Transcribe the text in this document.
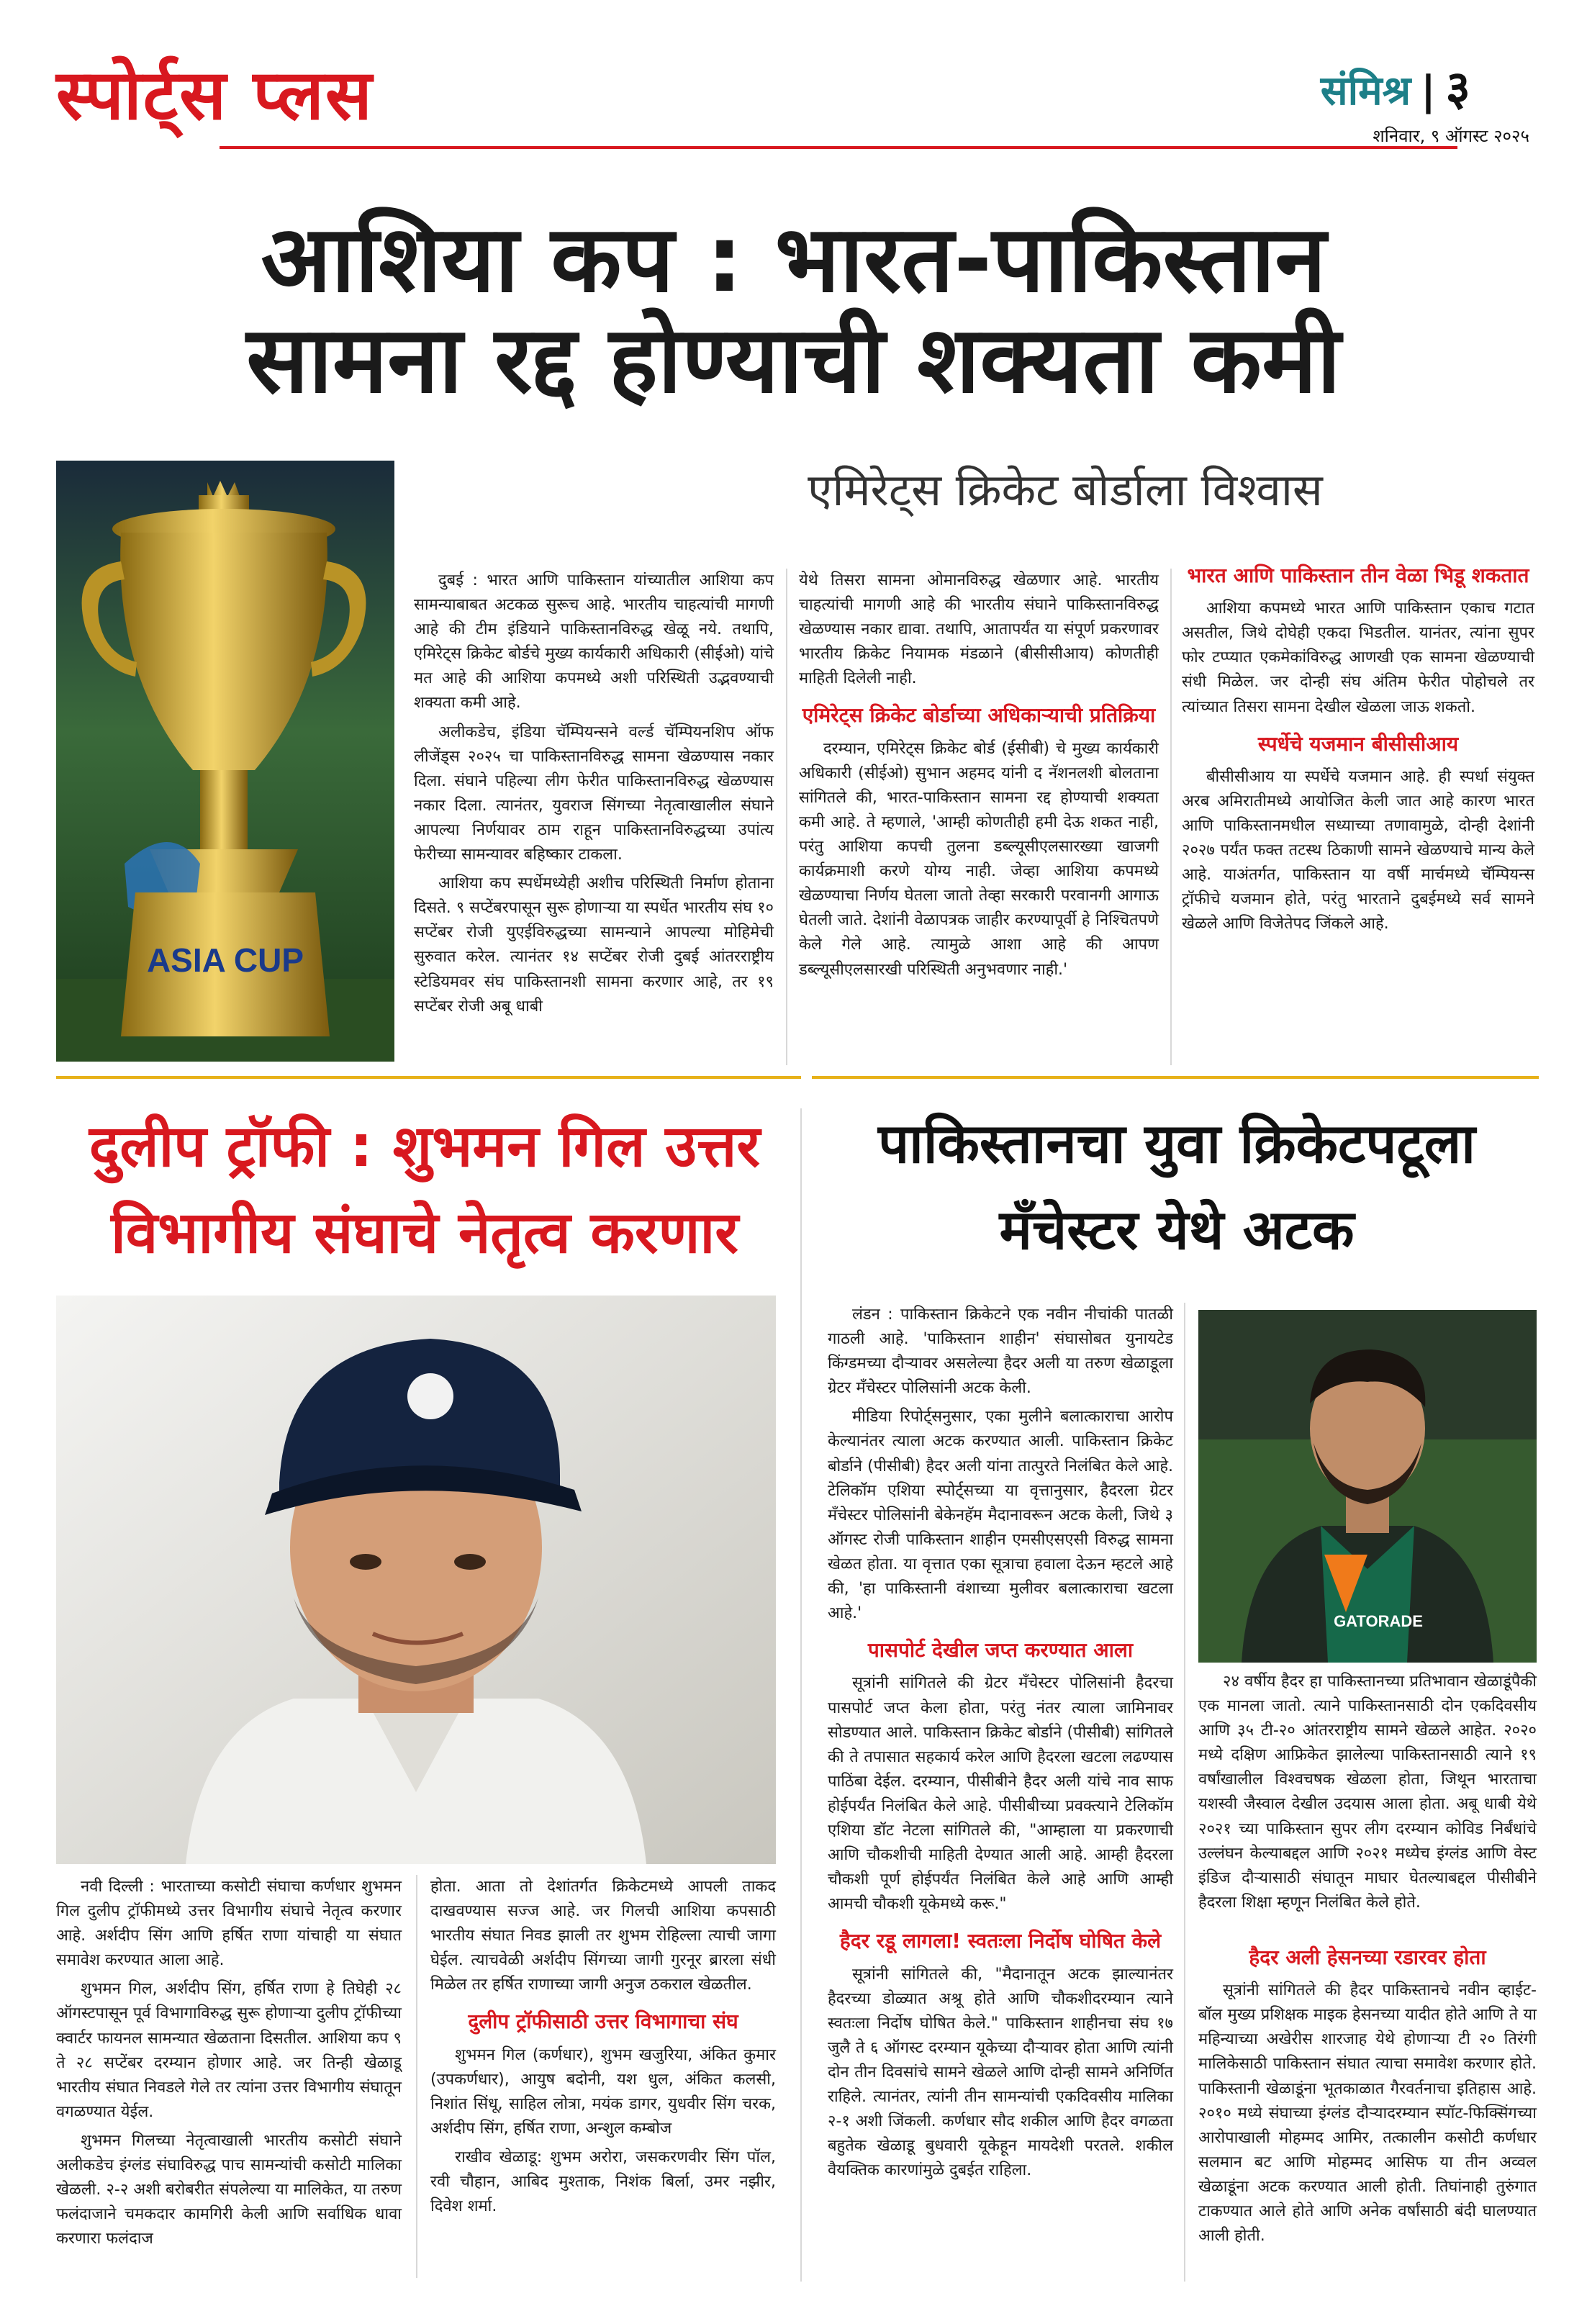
स्पोर्ट्स प्लस	संमिश्र | ३
शनिवार, ९ ऑगस्ट २०२५
आशिया कप : भारत-पाकिस्तान
सामना रद्द होण्याची शक्यता कमी
एमिरेट्स क्रिकेट बोर्डाला विश्वास
ASIA CUP

दुबई : भारत आणि पाकिस्तान यांच्यातील आशिया कप सामन्याबाबत अटकळ सुरूच आहे. भारतीय चाहत्यांची मागणी आहे की टीम इंडियाने पाकिस्तानविरुद्ध खेळू नये. तथापि, एमिरेट्स क्रिकेट बोर्डचे मुख्य कार्यकारी अधिकारी (सीईओ) यांचे मत आहे की आशिया कपमध्ये अशी परिस्थिती उद्भवण्याची शक्यता कमी आहे.

अलीकडेच, इंडिया चॅम्पियन्सने वर्ल्ड चॅम्पियनशिप ऑफ लीजेंड्स २०२५ चा पाकिस्तानविरुद्ध सामना खेळण्यास नकार दिला. संघाने पहिल्या लीग फेरीत पाकिस्तानविरुद्ध खेळण्यास नकार दिला. त्यानंतर, युवराज सिंगच्या नेतृत्वाखालील संघाने आपल्या निर्णयावर ठाम राहून पाकिस्तानविरुद्धच्या उपांत्य फेरीच्या सामन्यावर बहिष्कार टाकला.

आशिया कप स्पर्धेमध्येही अशीच परिस्थिती निर्माण होताना दिसते. ९ सप्टेंबरपासून सुरू होणाऱ्या या स्पर्धेत भारतीय संघ १० सप्टेंबर रोजी युएईविरुद्धच्या सामन्याने आपल्या मोहिमेची सुरुवात करेल. त्यानंतर १४ सप्टेंबर रोजी दुबई आंतरराष्ट्रीय स्टेडियमवर संघ पाकिस्तानशी सामना करणार आहे, तर १९ सप्टेंबर रोजी अबू धाबी

येथे तिसरा सामना ओमानविरुद्ध खेळणार आहे. भारतीय चाहत्यांची मागणी आहे की भारतीय संघाने पाकिस्तानविरुद्ध खेळण्यास नकार द्यावा. तथापि, आतापर्यंत या संपूर्ण प्रकरणावर भारतीय क्रिकेट नियामक मंडळाने (बीसीसीआय) कोणतीही माहिती दिलेली नाही.

एमिरेट्स क्रिकेट बोर्डाच्या अधिकाऱ्याची प्रतिक्रिया

दरम्यान, एमिरेट्स क्रिकेट बोर्ड (ईसीबी) चे मुख्य कार्यकारी अधिकारी (सीईओ) सुभान अहमद यांनी द नॅशनलशी बोलताना सांगितले की, भारत-पाकिस्तान सामना रद्द होण्याची शक्यता कमी आहे. ते म्हणाले, 'आम्ही कोणतीही हमी देऊ शकत नाही, परंतु आशिया कपची तुलना डब्ल्यूसीएलसारख्या खाजगी कार्यक्रमाशी करणे योग्य नाही. जेव्हा आशिया कपमध्ये खेळण्याचा निर्णय घेतला जातो तेव्हा सरकारी परवानगी आगाऊ घेतली जाते. देशांनी वेळापत्रक जाहीर करण्यापूर्वी हे निश्चितपणे केले गेले आहे. त्यामुळे आशा आहे की आपण डब्ल्यूसीएलसारखी परिस्थिती अनुभवणार नाही.'

भारत आणि पाकिस्तान तीन वेळा भिडू शकतात

आशिया कपमध्ये भारत आणि पाकिस्तान एकाच गटात असतील, जिथे दोघेही एकदा भिडतील. यानंतर, त्यांना सुपर फोर टप्प्यात एकमेकांविरुद्ध आणखी एक सामना खेळण्याची संधी मिळेल. जर दोन्ही संघ अंतिम फेरीत पोहोचले तर त्यांच्यात तिसरा सामना देखील खेळला जाऊ शकतो.

स्पर्धेचे यजमान बीसीसीआय

बीसीसीआय या स्पर्धेचे यजमान आहे. ही स्पर्धा संयुक्त अरब अमिरातीमध्ये आयोजित केली जात आहे कारण भारत आणि पाकिस्तानमधील सध्याच्या तणावामुळे, दोन्ही देशांनी २०२७ पर्यंत फक्त तटस्थ ठिकाणी सामने खेळण्याचे मान्य केले आहे. याअंतर्गत, पाकिस्तान या वर्षी मार्चमध्ये चॅम्पियन्स ट्रॉफीचे यजमान होते, परंतु भारताने दुबईमध्ये सर्व सामने खेळले आणि विजेतेपद जिंकले आहे.

दुलीप ट्रॉफी : शुभमन गिल उत्तर
विभागीय संघाचे नेतृत्व करणार

नवी दिल्ली : भारताच्या कसोटी संघाचा कर्णधार शुभमन गिल दुलीप ट्रॉफीमध्ये उत्तर विभागीय संघाचे नेतृत्व करणार आहे. अर्शदीप सिंग आणि हर्षित राणा यांचाही या संघात समावेश करण्यात आला आहे.

शुभमन गिल, अर्शदीप सिंग, हर्षित राणा हे तिघेही २८ ऑगस्टपासून पूर्व विभागाविरुद्ध सुरू होणाऱ्या दुलीप ट्रॉफीच्या क्वार्टर फायनल सामन्यात खेळताना दिसतील. आशिया कप ९ ते २८ सप्टेंबर दरम्यान होणार आहे. जर तिन्ही खेळाडू भारतीय संघात निवडले गेले तर त्यांना उत्तर विभागीय संघातून वगळण्यात येईल.

शुभमन गिलच्या नेतृत्वाखाली भारतीय कसोटी संघाने अलीकडेच इंग्लंड संघाविरुद्ध पाच सामन्यांची कसोटी मालिका खेळली. २-२ अशी बरोबरीत संपलेल्या या मालिकेत, या तरुण फलंदाजाने चमकदार कामगिरी केली आणि सर्वाधिक धावा करणारा फलंदाज

होता. आता तो देशांतर्गत क्रिकेटमध्ये आपली ताकद दाखवण्यास सज्ज आहे. जर गिलची आशिया कपसाठी भारतीय संघात निवड झाली तर शुभम रोहिल्ला त्याची जागा घेईल. त्याचवेळी अर्शदीप सिंगच्या जागी गुरनूर ब्रारला संधी मिळेल तर हर्षित राणाच्या जागी अनुज ठकराल खेळतील.

दुलीप ट्रॉफीसाठी उत्तर विभागाचा संघ

शुभमन गिल (कर्णधार), शुभम खजुरिया, अंकित कुमार (उपकर्णधार), आयुष बदोनी, यश धुल, अंकित कलसी, निशांत सिंधू, साहिल लोत्रा, मयंक डागर, युधवीर सिंग चरक, अर्शदीप सिंग, हर्षित राणा, अन्शुल कम्बोज

राखीव खेळाडू: शुभम अरोरा, जसकरणवीर सिंग पॉल, रवी चौहान, आबिद मुश्ताक, निशंक बिर्ला, उमर नझीर, दिवेश शर्मा.

पाकिस्तानचा युवा क्रिकेटपटूला
मँचेस्टर येथे अटक

लंडन : पाकिस्तान क्रिकेटने एक नवीन नीचांकी पातळी गाठली आहे. 'पाकिस्तान शाहीन' संघासोबत युनायटेड किंग्डमच्या दौऱ्यावर असलेल्या हैदर अली या तरुण खेळाडूला ग्रेटर मँचेस्टर पोलिसांनी अटक केली.

मीडिया रिपोर्ट्सनुसार, एका मुलीने बलात्काराचा आरोप केल्यानंतर त्याला अटक करण्यात आली. पाकिस्तान क्रिकेट बोर्डाने (पीसीबी) हैदर अली यांना तात्पुरते निलंबित केले आहे. टेलिकॉम एशिया स्पोर्ट्सच्या या वृत्तानुसार, हैदरला ग्रेटर मँचेस्टर पोलिसांनी बेकेनहॅम मैदानावरून अटक केली, जिथे ३ ऑगस्ट रोजी पाकिस्तान शाहीन एमसीएसएसी विरुद्ध सामना खेळत होता. या वृत्तात एका सूत्राचा हवाला देऊन म्हटले आहे की, 'हा पाकिस्तानी वंशाच्या मुलीवर बलात्काराचा खटला आहे.'

पासपोर्ट देखील जप्त करण्यात आला

सूत्रांनी सांगितले की ग्रेटर मँचेस्टर पोलिसांनी हैदरचा पासपोर्ट जप्त केला होता, परंतु नंतर त्याला जामिनावर सोडण्यात आले. पाकिस्तान क्रिकेट बोर्डाने (पीसीबी) सांगितले की ते तपासात सहकार्य करेल आणि हैदरला खटला लढण्यास पाठिंबा देईल. दरम्यान, पीसीबीने हैदर अली यांचे नाव साफ होईपर्यंत निलंबित केले आहे. पीसीबीच्या प्रवक्त्याने टेलिकॉम एशिया डॉट नेटला सांगितले की, "आम्हाला या प्रकरणाची आणि चौकशीची माहिती देण्यात आली आहे. आम्ही हैदरला चौकशी पूर्ण होईपर्यंत निलंबित केले आहे आणि आम्ही आमची चौकशी यूकेमध्ये करू."

हैदर रडू लागला! स्वतःला निर्दोष घोषित केले

सूत्रांनी सांगितले की, "मैदानातून अटक झाल्यानंतर हैदरच्या डोळ्यात अश्रू होते आणि चौकशीदरम्यान त्याने स्वतःला निर्दोष घोषित केले." पाकिस्तान शाहीनचा संघ १७ जुलै ते ६ ऑगस्ट दरम्यान यूकेच्या दौऱ्यावर होता आणि त्यांनी दोन तीन दिवसांचे सामने खेळले आणि दोन्ही सामने अनिर्णित राहिले. त्यानंतर, त्यांनी तीन सामन्यांची एकदिवसीय मालिका २-१ अशी जिंकली. कर्णधार सौद शकील आणि हैदर वगळता बहुतेक खेळाडू बुधवारी यूकेहून मायदेशी परतले. शकील वैयक्तिक कारणांमुळे दुबईत राहिला.

GATORADE

२४ वर्षीय हैदर हा पाकिस्तानच्या प्रतिभावान खेळाडूंपैकी एक मानला जातो. त्याने पाकिस्तानसाठी दोन एकदिवसीय आणि ३५ टी-२० आंतरराष्ट्रीय सामने खेळले आहेत. २०२० मध्ये दक्षिण आफ्रिकेत झालेल्या पाकिस्तानसाठी त्याने १९ वर्षांखालील विश्वचषक खेळला होता, जिथून भारताचा यशस्वी जैस्वाल देखील उदयास आला होता. अबू धाबी येथे २०२१ च्या पाकिस्तान सुपर लीग दरम्यान कोविड निर्बंधांचे उल्लंघन केल्याबद्दल आणि २०२१ मध्येच इंग्लंड आणि वेस्ट इंडिज दौऱ्यासाठी संघातून माघार घेतल्याबद्दल पीसीबीने हैदरला शिक्षा म्हणून निलंबित केले होते.

हैदर अली हेसनच्या रडारवर होता

सूत्रांनी सांगितले की हैदर पाकिस्तानचे नवीन व्हाईट-बॉल मुख्य प्रशिक्षक माइक हेसनच्या यादीत होते आणि ते या महिन्याच्या अखेरीस शारजाह येथे होणाऱ्या टी २० तिरंगी मालिकेसाठी पाकिस्तान संघात त्याचा समावेश करणार होते. पाकिस्तानी खेळाडूंना भूतकाळात गैरवर्तनाचा इतिहास आहे. २०१० मध्ये संघाच्या इंग्लंड दौऱ्यादरम्यान स्पॉट-फिक्सिंगच्या आरोपाखाली मोहम्मद आमिर, तत्कालीन कसोटी कर्णधार सलमान बट आणि मोहम्मद आसिफ या तीन अव्वल खेळाडूंना अटक करण्यात आली होती. तिघांनाही तुरुंगात टाकण्यात आले होते आणि अनेक वर्षांसाठी बंदी घालण्यात आली होती.
